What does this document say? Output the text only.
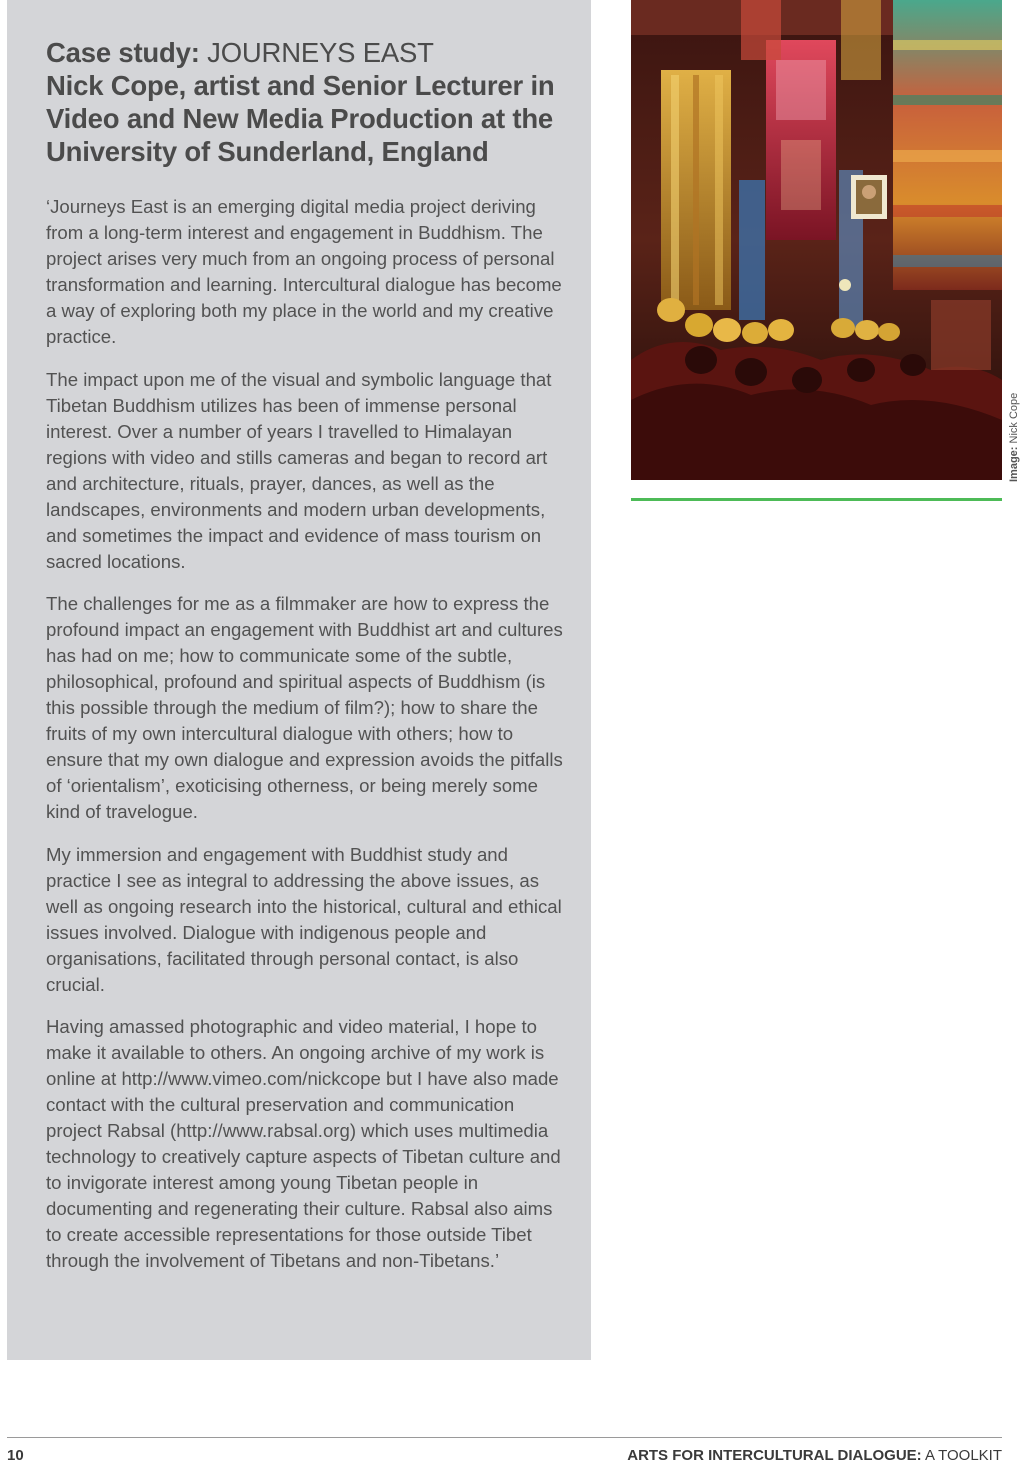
Case study: JOURNEYS EAST
Nick Cope, artist and Senior Lecturer in Video and New Media Production at the University of Sunderland, England

‘Journeys East is an emerging digital media project deriving from a long-term interest and engagement in Buddhism. The project arises very much from an ongoing process of personal transformation and learning. Intercultural dialogue has become a way of exploring both my place in the world and my creative practice.

The impact upon me of the visual and symbolic language that Tibetan Buddhism utilizes has been of immense personal interest. Over a number of years I travelled to Himalayan regions with video and stills cameras and began to record art and architecture, rituals, prayer, dances, as well as the landscapes, environments and modern urban developments, and sometimes the impact and evidence of mass tourism on sacred locations.

The challenges for me as a filmmaker are how to express the profound impact an engagement with Buddhist art and cultures has had on me; how to communicate some of the subtle, philosophical, profound and spiritual aspects of Buddhism (is this possible through the medium of film?); how to share the fruits of my own intercultural dialogue with others; how to ensure that my own dialogue and expression avoids the pitfalls of ‘orientalism’, exoticising otherness, or being merely some kind of travelogue.

My immersion and engagement with Buddhist study and practice I see as integral to addressing the above issues, as well as ongoing research into the historical, cultural and ethical issues involved. Dialogue with indigenous people and organisations, facilitated through personal contact, is also crucial.

Having amassed photographic and video material, I hope to make it available to others. An ongoing archive of my work is online at http://www.vimeo.com/nickcope but I have also made contact with the cultural preservation and communication project Rabsal (http://www.rabsal.org) which uses multimedia technology to creatively capture aspects of Tibetan culture and to invigorate interest among young Tibetan people in documenting and regenerating their culture. Rabsal also aims to create accessible representations for those outside Tibet through the involvement of Tibetans and non-Tibetans.’

Image: Nick Cope
10	ARTS FOR INTERCULTURAL DIALOGUE: A TOOLKIT
